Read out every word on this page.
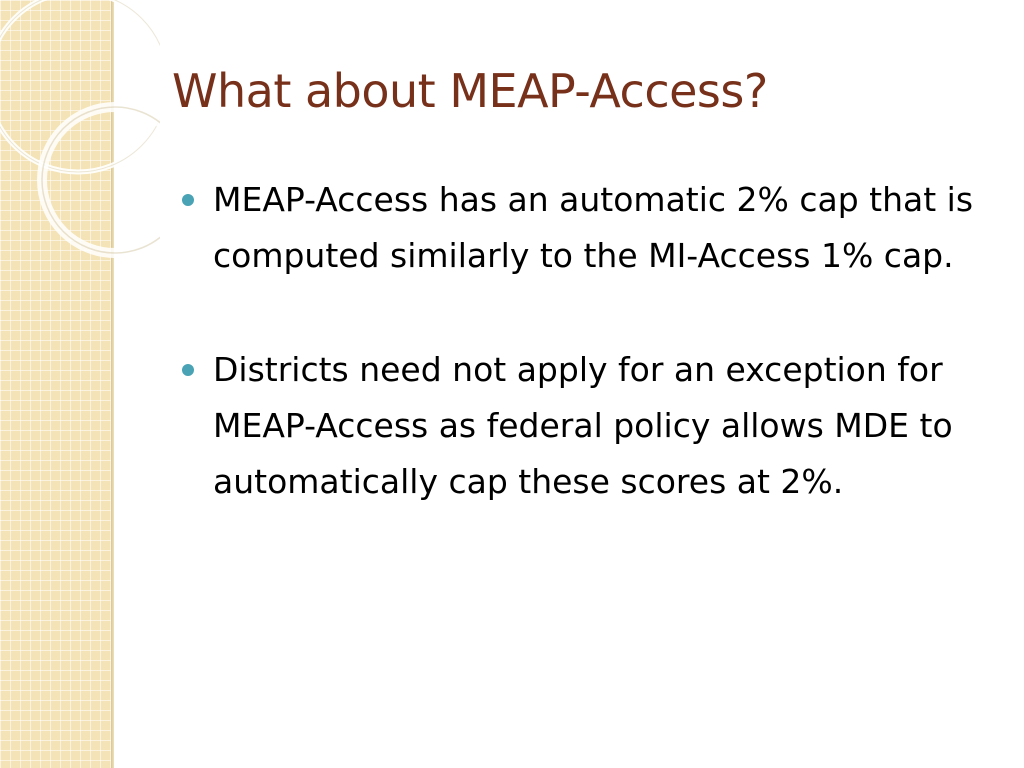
What about MEAP-Access?
MEAP-Access has an automatic 2% cap that is computed similarly to the MI-Access 1% cap.
Districts need not apply for an exception for MEAP-Access as federal policy allows MDE to automatically cap these scores at 2%.
